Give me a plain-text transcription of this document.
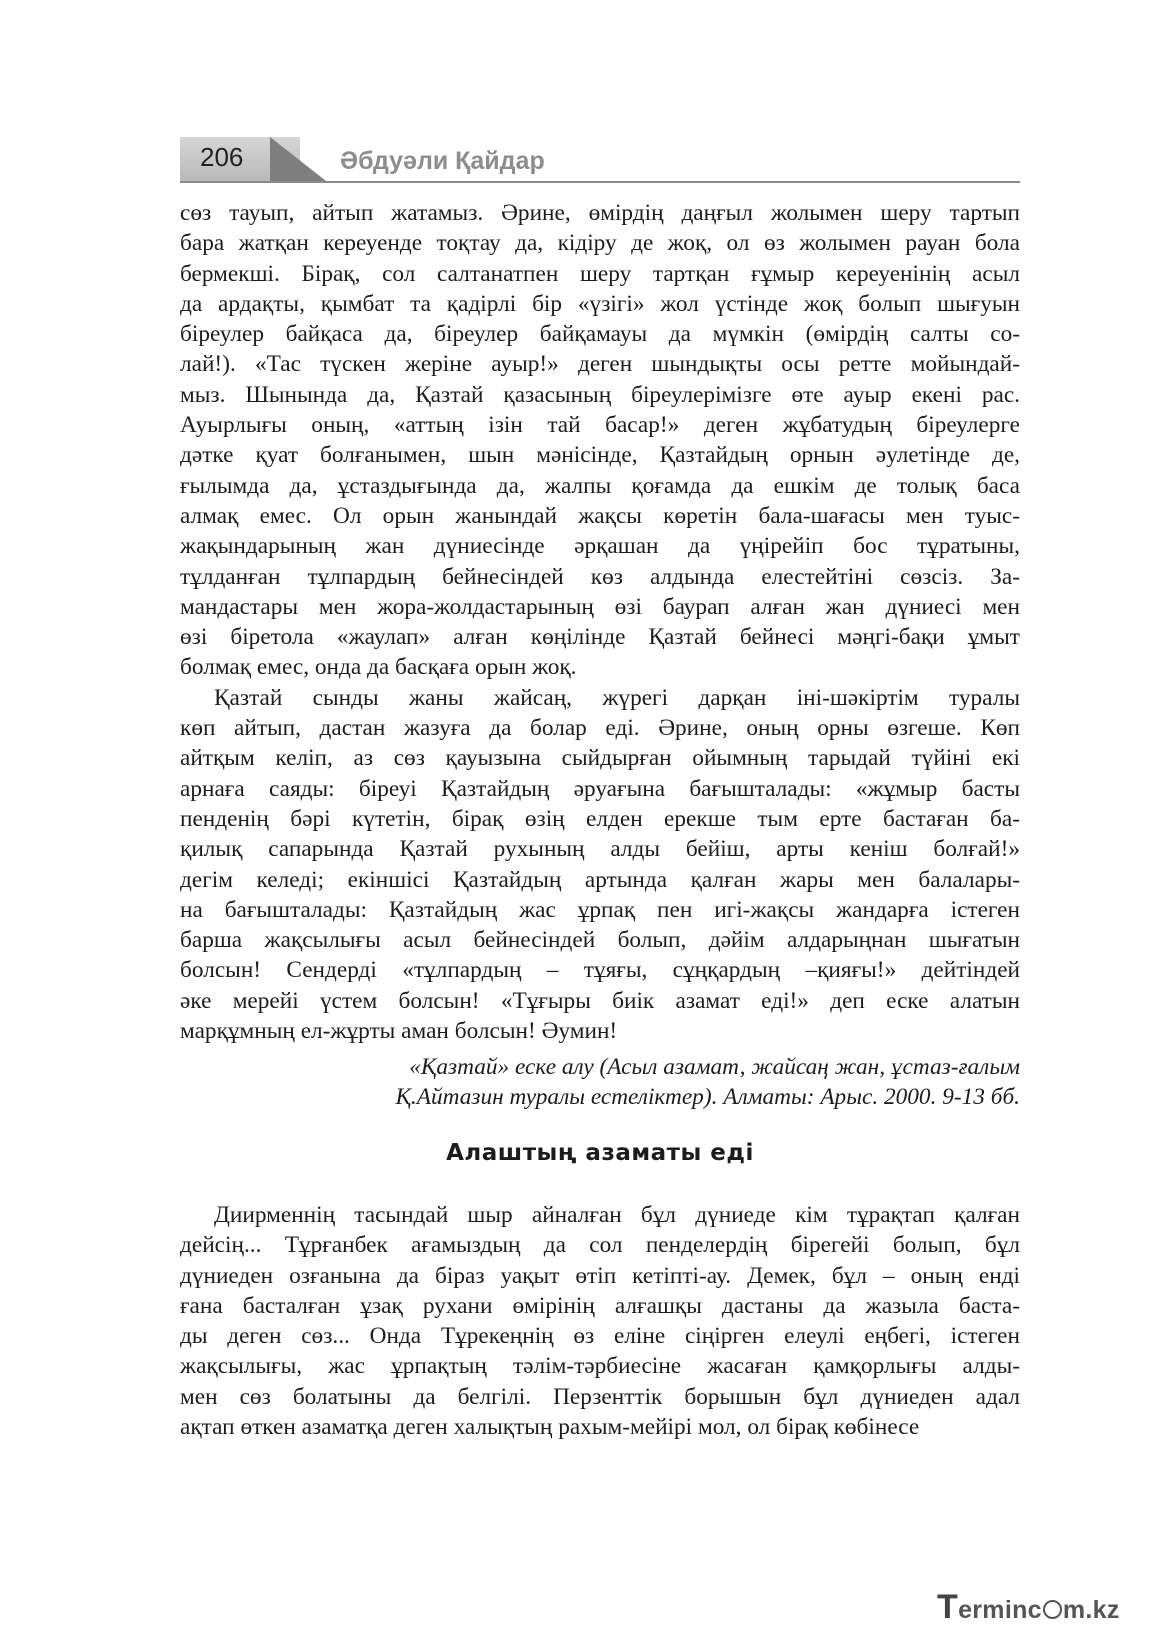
206	Әбдуәли Қайдар
сөз тауып, айтып жатамыз. Әрине, өмірдің даңғыл жолымен шеру тартып
бара жатқан кереуенде тоқтау да, кідіру де жоқ, ол өз жолымен рауан бола
бермекші. Бірақ, сол салтанатпен шеру тартқан ғұмыр кереуенінің асыл
да ардақты, қымбат та қадірлі бір «үзігі» жол үстінде жоқ болып шығуын
біреулер байқаса да, біреулер байқамауы да мүмкін (өмірдің салты со-
лай!). «Тас түскен жеріне ауыр!» деген шындықты осы ретте мойындай-
мыз. Шынында да, Қазтай қазасының біреулерімізге өте ауыр екені рас.
Ауырлығы оның, «аттың ізін тай басар!» деген жұбатудың біреулерге
дәтке қуат болғанымен, шын мәнісінде, Қазтайдың орнын әулетінде де,
ғылымда да, ұстаздығында да, жалпы қоғамда да ешкім де толық баса
алмақ емес. Ол орын жанындай жақсы көретін бала-шағасы мен туыс-
жақындарының жан дүниесінде әрқашан да үңірейіп бос тұратыны,
тұлданған тұлпардың бейнесіндей көз алдында елестейтіні сөзсіз. За-
мандастары мен жора-жолдастарының өзі баурап алған жан дүниесі мен
өзі біретола «жаулап» алған көңілінде Қазтай бейнесі мәңгі-бақи ұмыт
болмақ емес, онда да басқаға орын жоқ.
Қазтай сынды жаны жайсаң, жүрегі дарқан іні-шәкіртім туралы
көп айтып, дастан жазуға да болар еді. Әрине, оның орны өзгеше. Көп
айтқым келіп, аз сөз қауызына сыйдырған ойымның тарыдай түйіні екі
арнаға саяды: біреуі Қазтайдың әруағына бағышталады: «жұмыр басты
пенденің бәрі күтетін, бірақ өзің елден ерекше тым ерте бастаған ба-
қилық сапарында Қазтай рухының алды бейіш, арты кеніш болғай!»
дегім келеді; екіншісі Қазтайдың артында қалған жары мен балалары-
на бағышталады: Қазтайдың жас ұрпақ пен игі-жақсы жандарға істеген
барша жақсылығы асыл бейнесіндей болып, дәйім алдарыңнан шығатын
болсын! Сендерді «тұлпардың – тұяғы, сұңқардың –қияғы!» дейтіндей
әке мерейі үстем болсын! «Тұғыры биік азамат еді!» деп еске алатын
марқұмның ел-жұрты аман болсын! Әумин!
«Қазтай» еске алу (Асыл азамат, жайсаң жан, ұстаз-ғалым
Қ.Айтазин туралы естеліктер). Алматы: Арыс. 2000. 9-13 бб.
Алаштың азаматы еді
Диирменнің тасындай шыр айналған бұл дүниеде кім тұрақтап қалған
дейсің... Тұрғанбек ағамыздың да сол пенделердің бірегейі болып, бұл
дүниеден озғанына да біраз уақыт өтіп кетіпті-ау. Демек, бұл – оның енді
ғана басталған ұзақ рухани өмірінің алғашқы дастаны да жазыла баста-
ды деген сөз... Онда Тұрекеңнің өз еліне сіңірген елеулі еңбегі, істеген
жақсылығы, жас ұрпақтың тәлім-тәрбиесіне жасаған қамқорлығы алды-
мен сөз болатыны да белгілі. Перзенттік борышын бұл дүниеден адал
ақтап өткен азаматқа деген халықтың рахым-мейірі мол, ол бірақ көбінесе
Terminc m.kz
